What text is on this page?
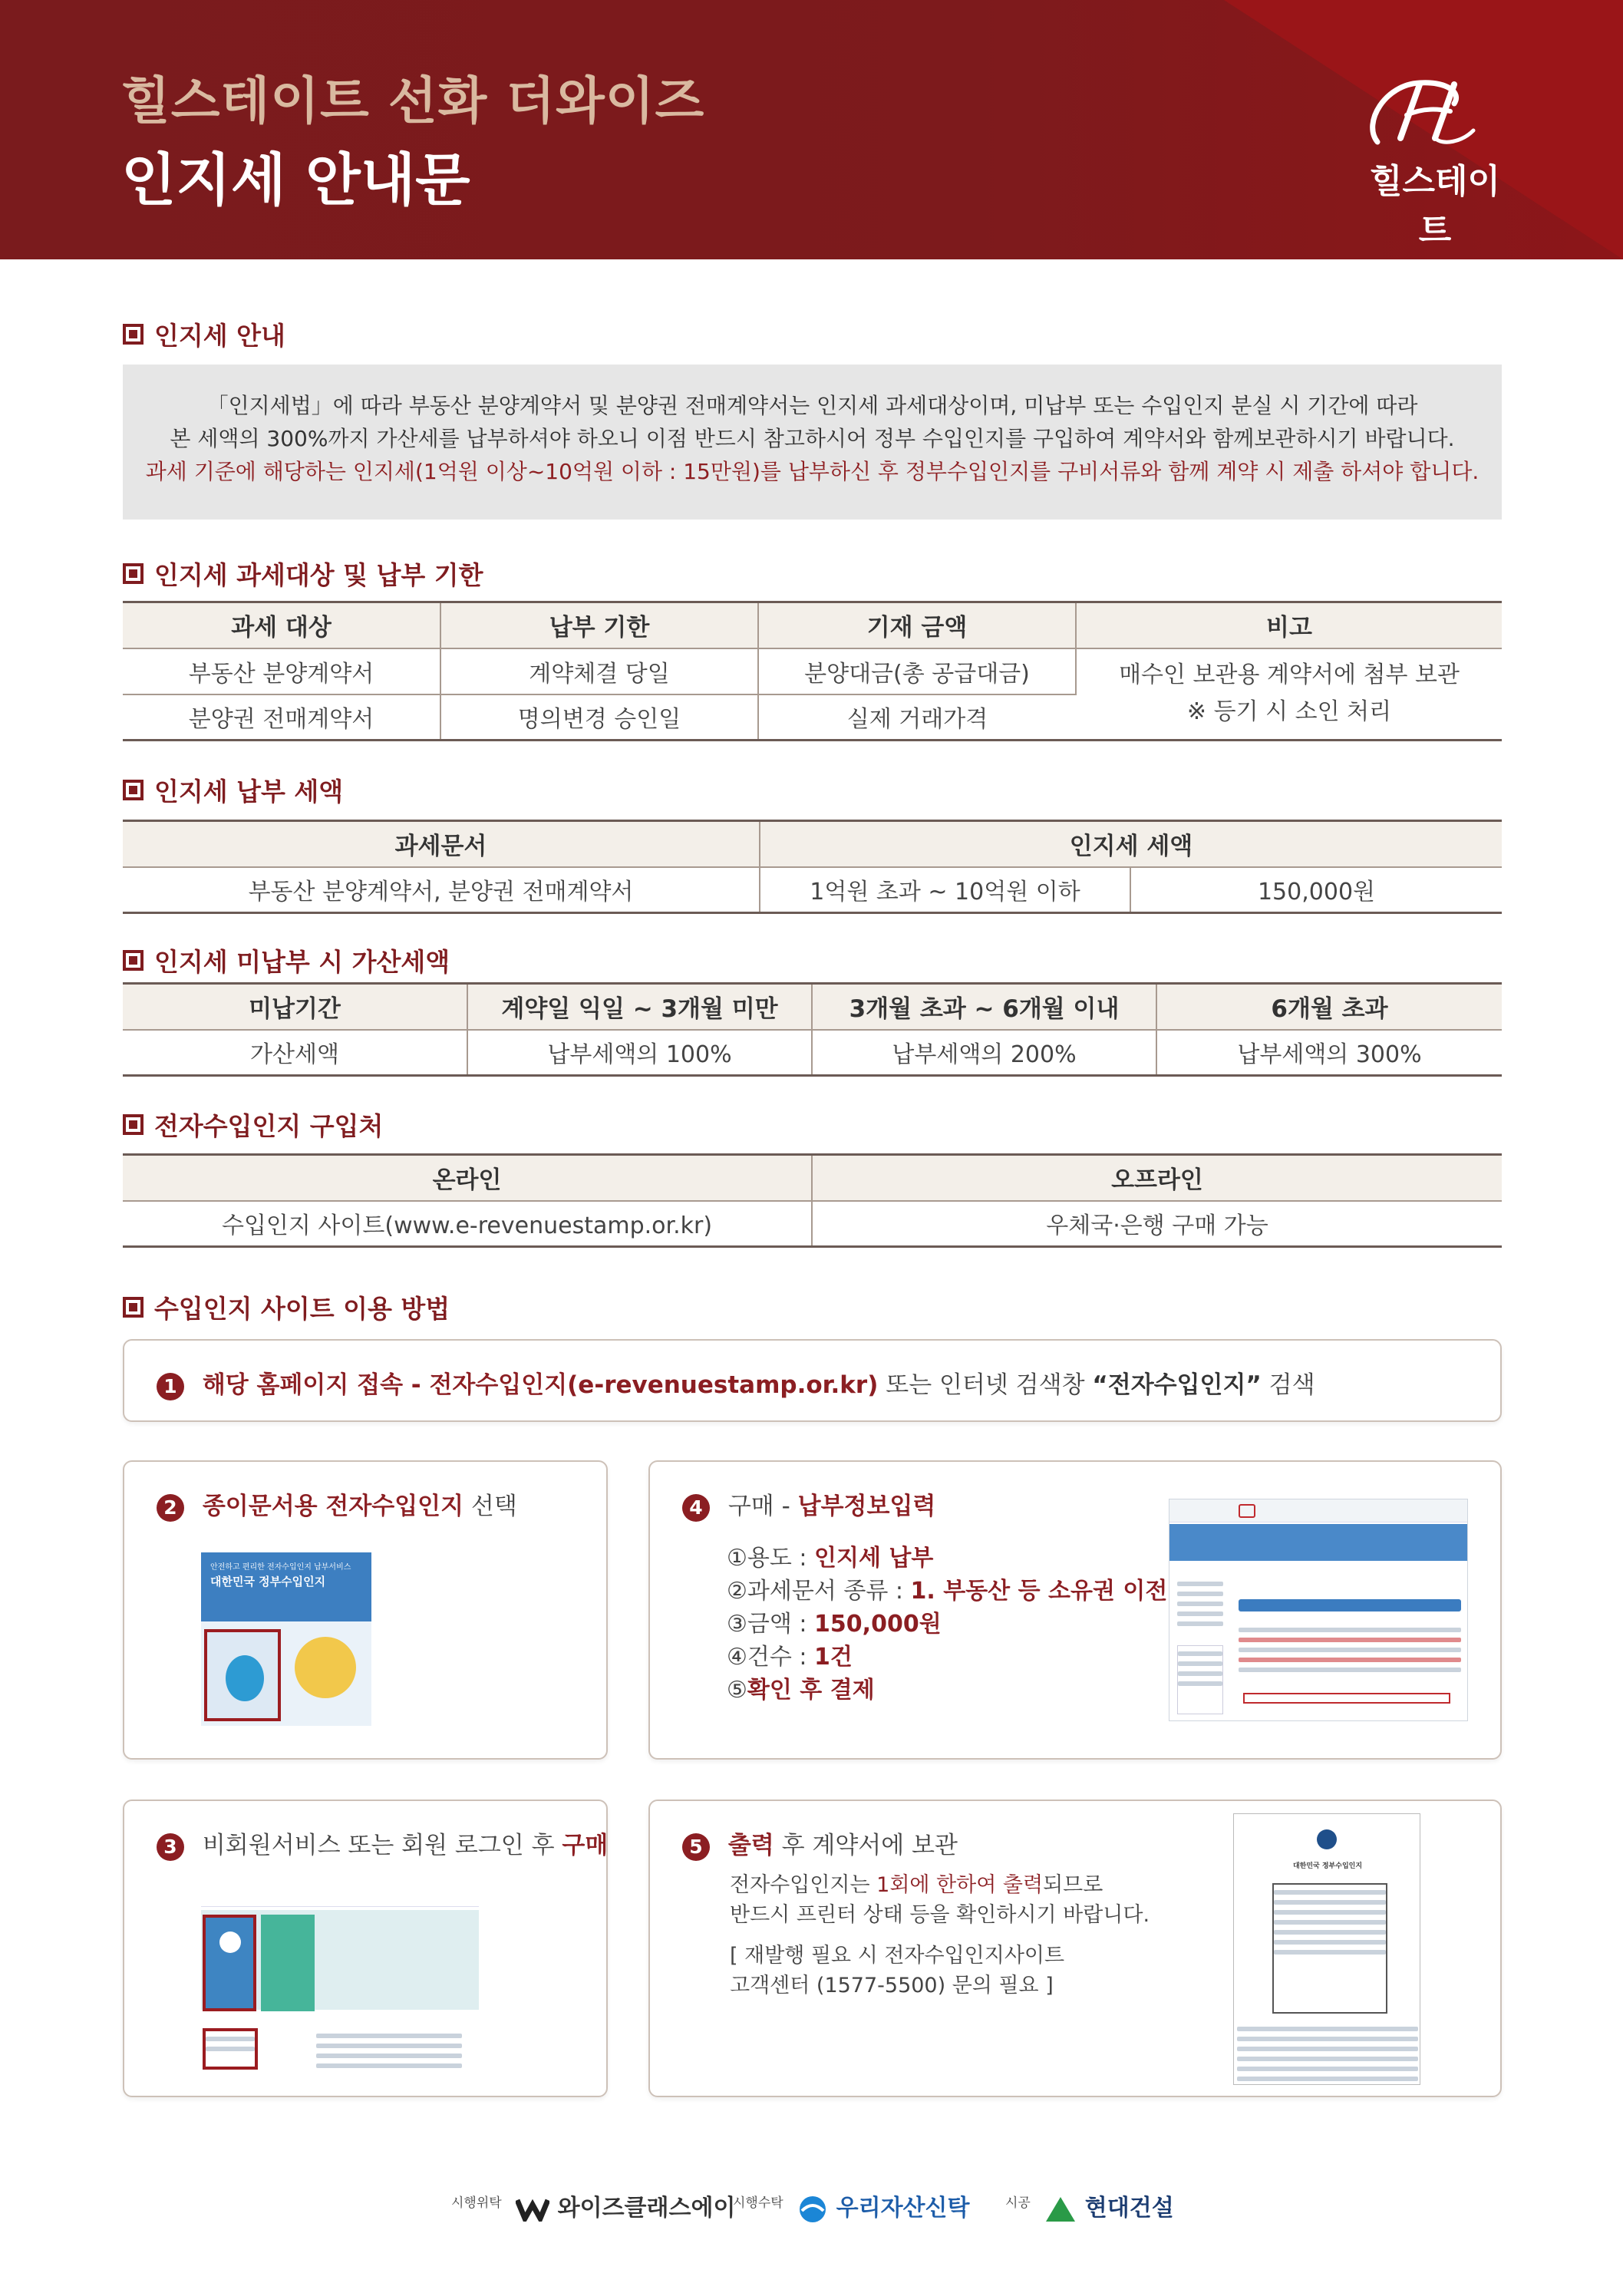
힐스테이트 선화 더와이즈
인지세 안내문	힐스테이트
인지세 안내
「인지세법」에 따라 부동산 분양계약서 및 분양권 전매계약서는 인지세 과세대상이며, 미납부 또는 수입인지 분실 시 기간에 따라
본 세액의 300%까지 가산세를 납부하셔야 하오니 이점 반드시 참고하시어 정부 수입인지를 구입하여 계약서와 함께보관하시기 바랍니다.
과세 기준에 해당하는 인지세(1억원 이상~10억원 이하 : 15만원)를 납부하신 후 정부수입인지를 구비서류와 함께 계약 시 제출 하셔야 합니다.
인지세 과세대상 및 납부 기한
과세 대상	납부 기한	기재 금액	비고
부동산 분양계약서	계약체결 당일	분양대금(총 공급대금)	매수인 보관용 계약서에 첨부 보관
※ 등기 시 소인 처리

분양권 전매계약서	명의변경 승인일	실제 거래가격	
인지세 납부 세액
과세문서	인지세 세액	
부동산 분양계약서, 분양권 전매계약서	1억원 초과 ~ 10억원 이하	150,000원
인지세 미납부 시 가산세액
미납기간	계약일 익일 ~ 3개월 미만	3개월 초과 ~ 6개월 이내	6개월 초과
가산세액	납부세액의 100%	납부세액의 200%	납부세액의 300%
전자수입인지 구입처
온라인	오프라인
수입인지 사이트(www.e-revenuestamp.or.kr)	우체국·은행 구매 가능
수입인지 사이트 이용 방법
1 해당 홈페이지 접속 - 전자수입인지(e-revenuestamp.or.kr) 또는 인터넷 검색창 “전자수입인지” 검색
2 종이문서용 전자수입인지 선택
안전하고 편리한 전자수입인지 납부서비스
대한민국 정부수입인지
4 구매 - 납부정보입력
①용도 : 인지세 납부
②과세문서 종류 : 1. 부동산 등 소유권 이전
③금액 : 150,000원
④건수 : 1건
⑤확인 후 결제
3 비회원서비스 또는 회원 로그인 후 구매	5 출력 후 계약서에 보관
전자수입인지는 1회에 한하여 출력되므로
반드시 프린터 상태 등을 확인하시기 바랍니다.
[ 재발행 필요 시 전자수입인지사이트
고객센터 (1577-5500) 문의 필요 ]
대한민국 정부수입인지
$^{시행위탁}$ 와이즈클래스에이
$^{시행수탁}$ 우리자산신탁	$^{시공}$ 현대건설
